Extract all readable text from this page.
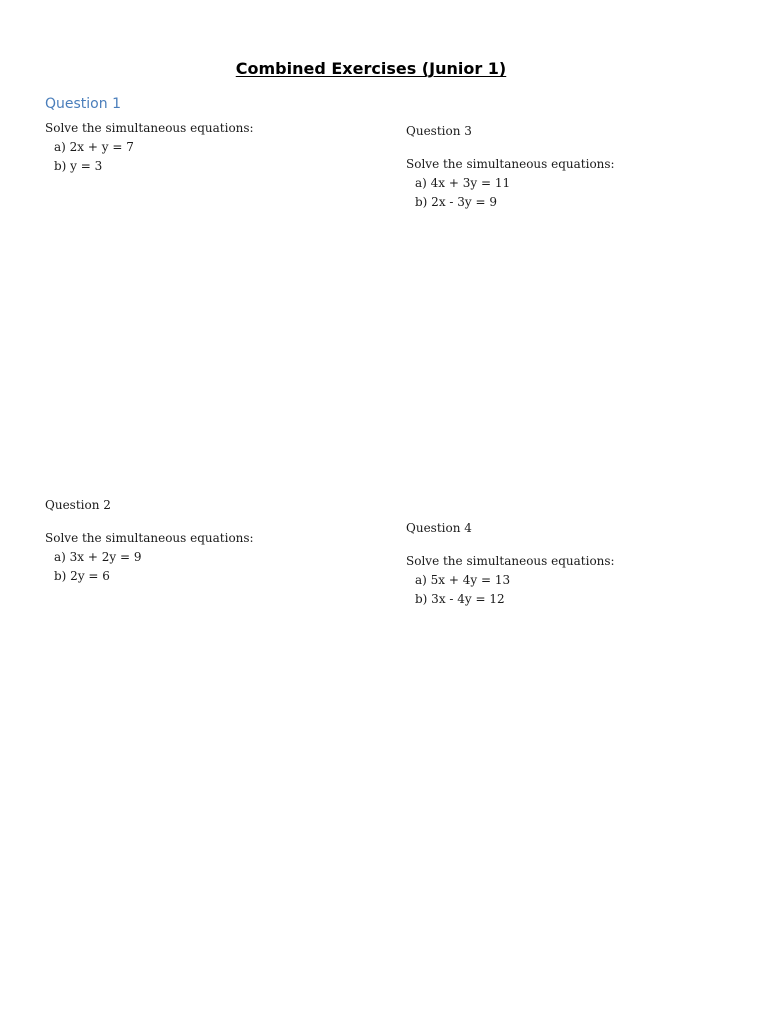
Combined Exercises (Junior 1)
Question 1
Solve the simultaneous equations:
a) 2x + y = 7
b) y = 3
Question 3
Solve the simultaneous equations:
a) 4x + 3y = 11
b) 2x - 3y = 9
Question 2
Solve the simultaneous equations:
a) 3x + 2y = 9
b) 2y = 6
Question 4
Solve the simultaneous equations:
a) 5x + 4y = 13
b) 3x - 4y = 12
